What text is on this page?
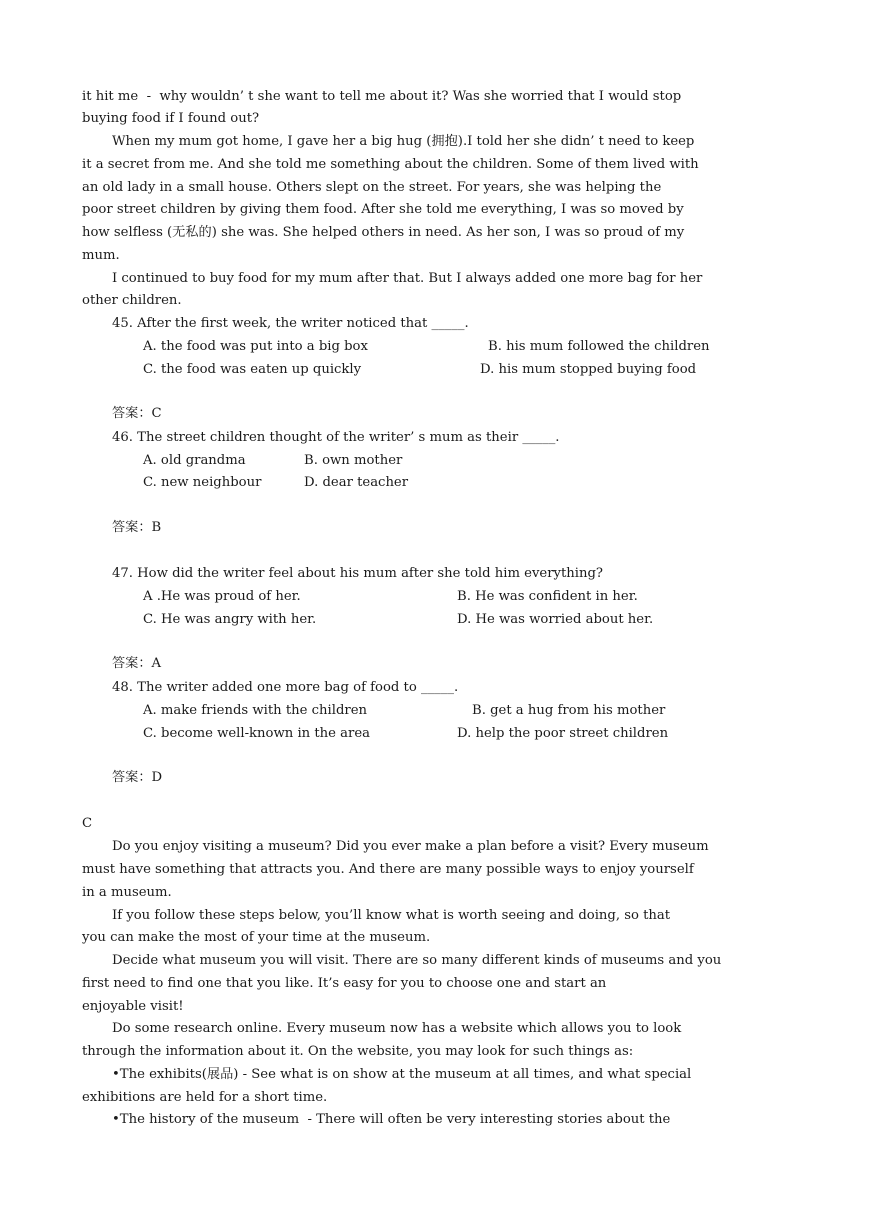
it hit me  -  why wouldn’ t she want to tell me about it? Was she worried that I would stop
buying food if I found out?
When my mum got home, I gave her a big hug (拥抱).I told her she didn’ t need to keep
it a secret from me. And she told me something about the children. Some of them lived with
an old lady in a small house. Others slept on the street. For years, she was helping the
poor street children by giving them food. After she told me everything, I was so moved by
how selfless (无私的) she was. She helped others in need. As her son, I was so proud of my
mum.
I continued to buy food for my mum after that. But I always added one more bag for her
other children.
45. After the first week, the writer noticed that _____.
A. the food was put into a big box	B. his mum followed the children
C. the food was eaten up quickly	D. his mum stopped buying food
答案：C
46. The street children thought of the writer’ s mum as their _____.
A. old grandma	B. own mother
C. new neighbour	D. dear teacher
答案：B
47. How did the writer feel about his mum after she told him everything?
A .He was proud of her.	B. He was confident in her.
C. He was angry with her.	D. He was worried about her.
答案：A
48. The writer added one more bag of food to _____.
A. make friends with the children	B. get a hug from his mother
C. become well-known in the area	D. help the poor street children
答案：D
C
Do you enjoy visiting a museum? Did you ever make a plan before a visit? Every museum
must have something that attracts you. And there are many possible ways to enjoy yourself
in a museum.
If you follow these steps below, you’ll know what is worth seeing and doing, so that
you can make the most of your time at the museum.
Decide what museum you will visit. There are so many different kinds of museums and you
first need to find one that you like. It’s easy for you to choose one and start an
enjoyable visit!
Do some research online. Every museum now has a website which allows you to look
through the information about it. On the website, you may look for such things as:
•The exhibits(展品) - See what is on show at the museum at all times, and what special
exhibitions are held for a short time.
•The history of the museum  - There will often be very interesting stories about the
